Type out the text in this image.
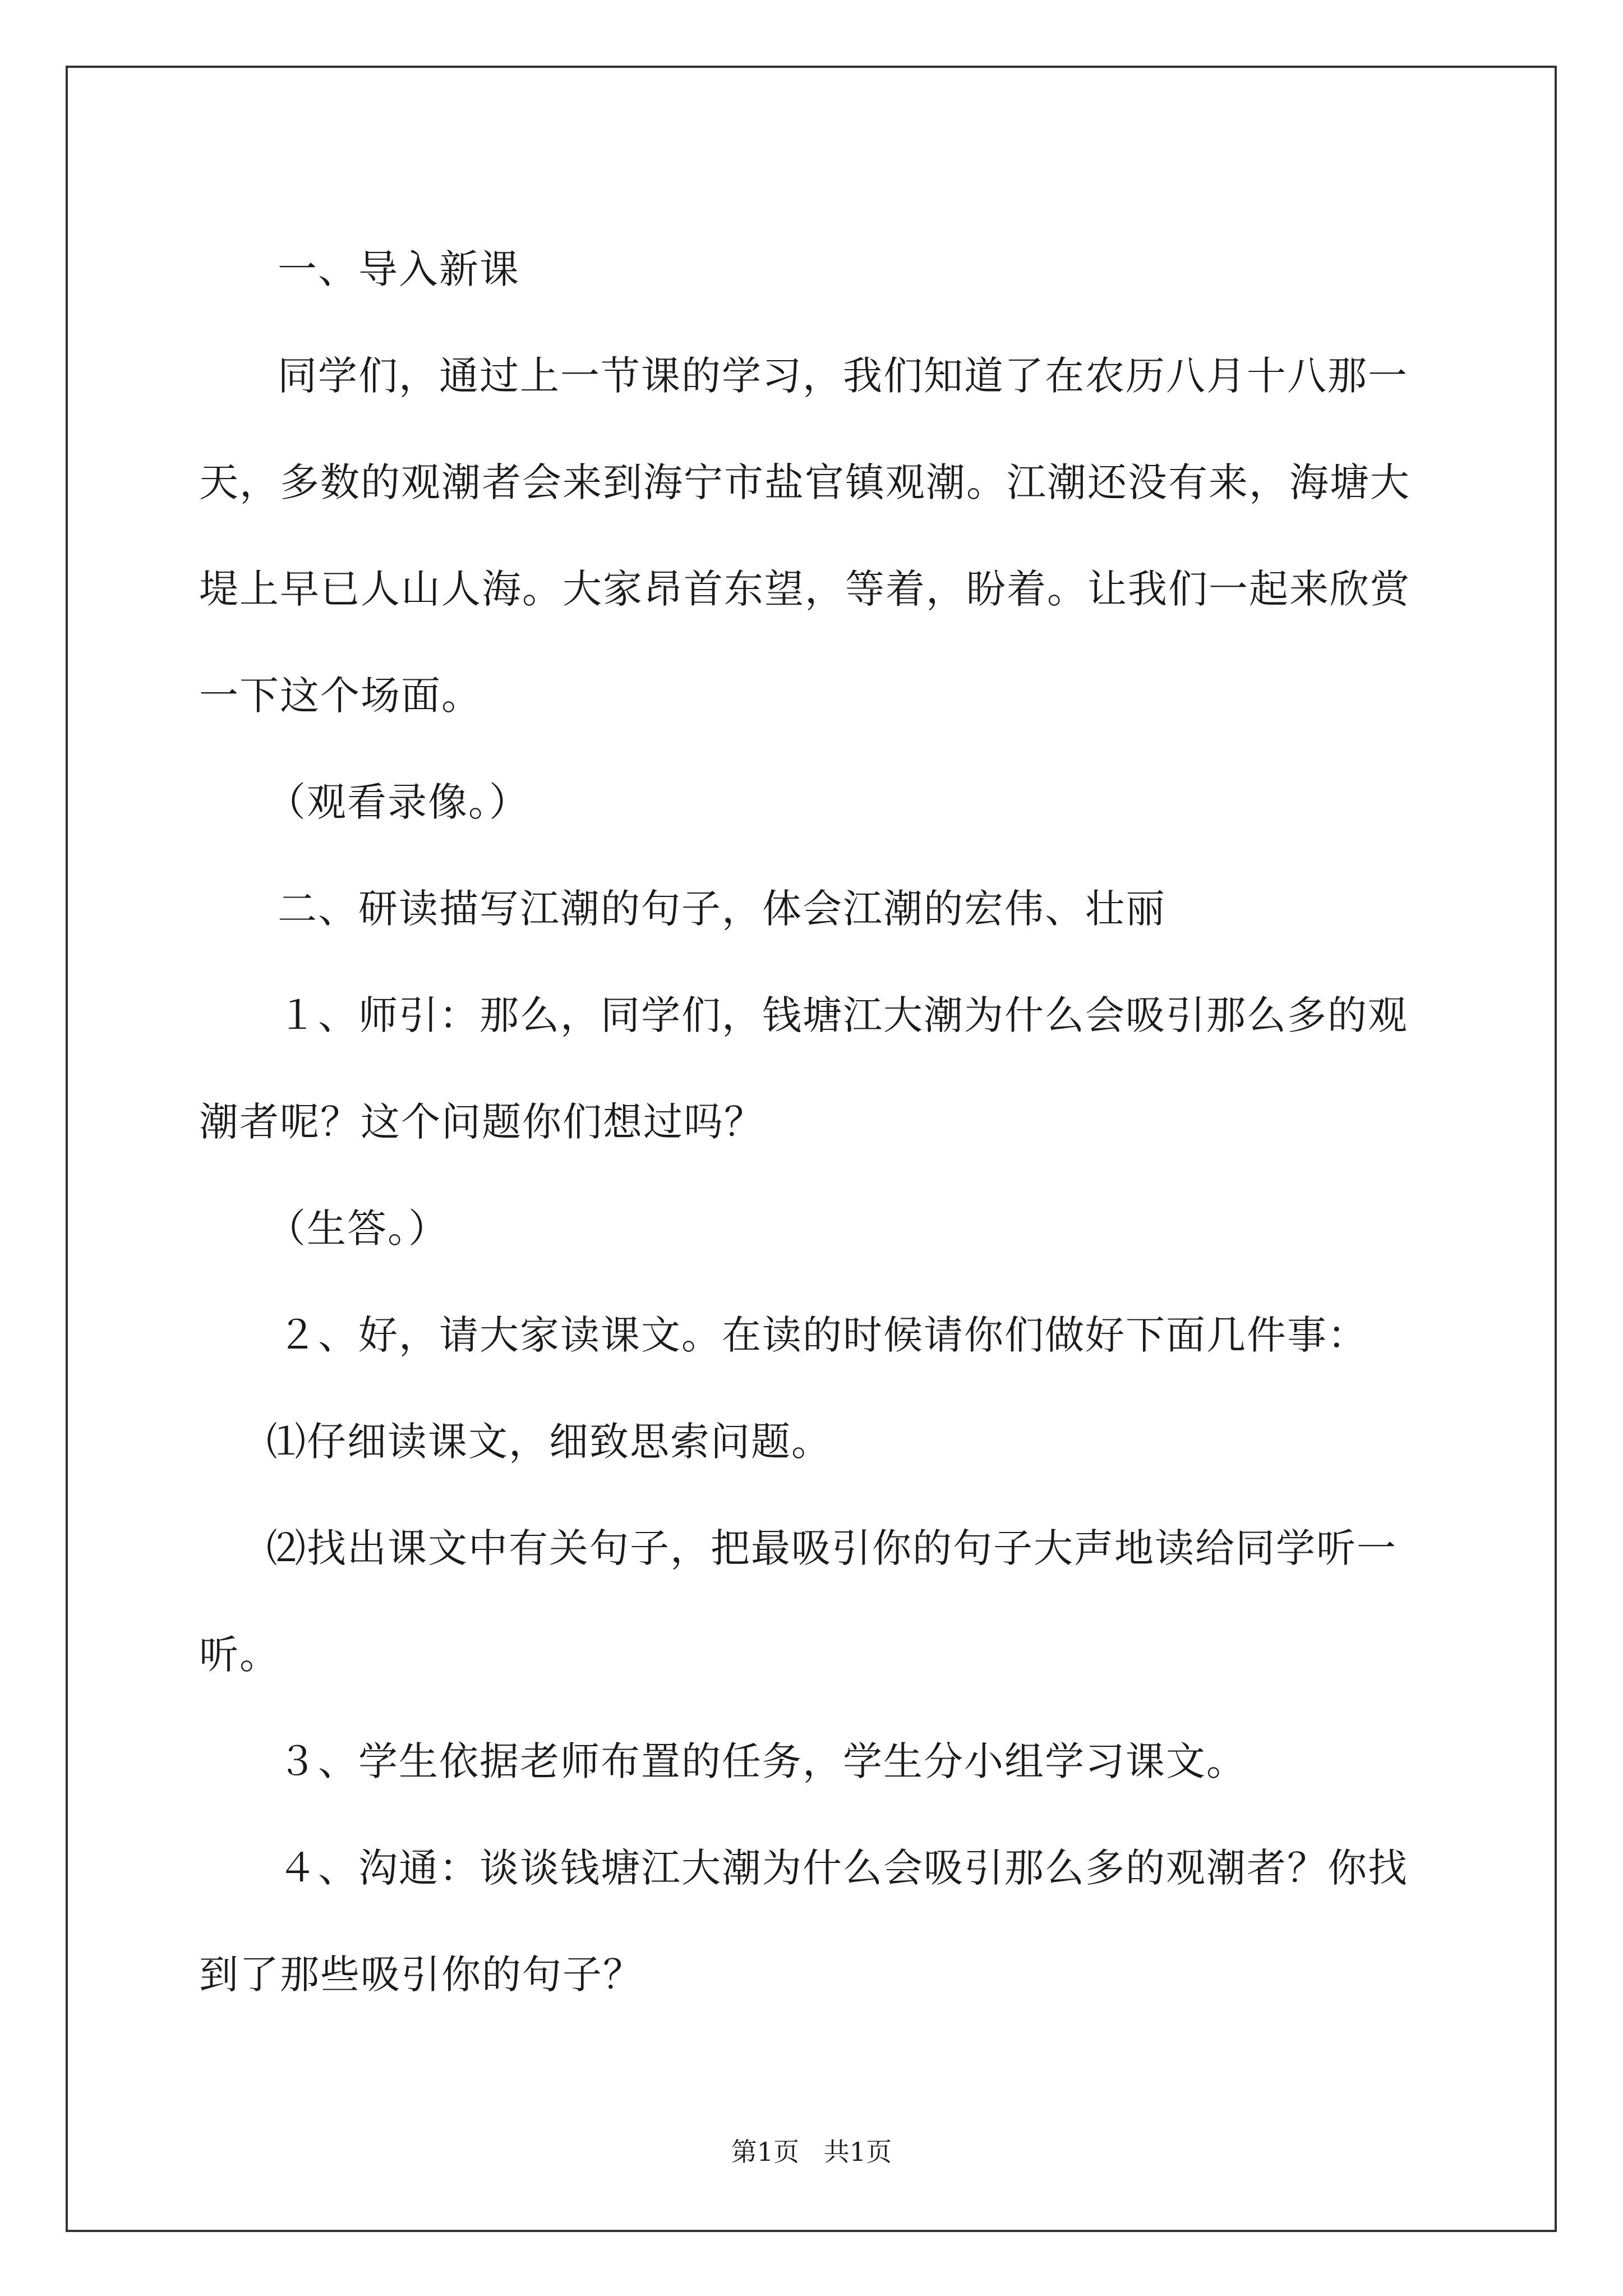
一、导入新课

同学们，通过上一节课的学习，我们知道了在农历八月十八那一

天，多数的观潮者会来到海宁市盐官镇观潮。江潮还没有来，海塘大

堤上早已人山人海。大家昂首东望，等着，盼着。让我们一起来欣赏

一下这个场面。

（观看录像。）

二、研读描写江潮的句子，体会江潮的宏伟、壮丽

１、师引：那么，同学们，钱塘江大潮为什么会吸引那么多的观

潮者呢？这个问题你们想过吗？

（生答。）

２、好，请大家读课文。在读的时候请你们做好下面几件事：

⑴仔细读课文，细致思索问题。

⑵找出课文中有关句子，把最吸引你的句子大声地读给同学听一

听。

３、学生依据老师布置的任务，学生分小组学习课文。

４、沟通：谈谈钱塘江大潮为什么会吸引那么多的观潮者？你找

到了那些吸引你的句子？

第1页   共1页
